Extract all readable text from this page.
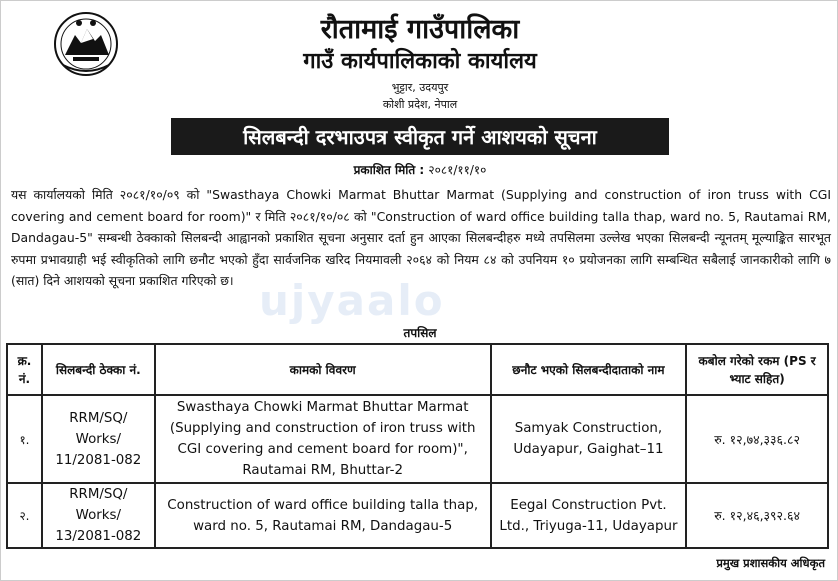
रौतामाई गाउँपालिका
गाउँ कार्यपालिकाको कार्यालय
भुट्टार, उदयपुर
कोशी प्रदेश, नेपाल
सिलबन्दी दरभाउपत्र स्वीकृत गर्ने आशयको सूचना
प्रकाशित मिति : २०८१/११/१०
यस कार्यालयको मिति २०८१/१०/०९ को "Swasthaya Chowki Marmat Bhuttar Marmat (Supplying and construction of iron truss with CGI covering and cement board for room)" र मिति २०८१/१०/०८ को "Construction of ward office building talla thap, ward no. 5, Rautamai RM, Dandagau-5" सम्बन्धी ठेक्काको सिलबन्दी आह्वानको प्रकाशित सूचना अनुसार दर्ता हुन आएका सिलबन्दीहरु मध्ये तपसिलमा उल्लेख भएका सिलबन्दी न्यूनतम् मूल्याङ्कित सारभूत रुपमा प्रभावग्राही भई स्वीकृतिको लागि छनौट भएको हुँदा सार्वजनिक खरिद नियमावली २०६४ को नियम ८४ को उपनियम १० प्रयोजनका लागि सम्बन्धित सबैलाई जानकारीको लागि ७ (सात) दिने आशयको सूचना प्रकाशित गरिएको छ। ujyaalo
तपसिल
क्र. नं.	सिलबन्दी ठेक्का नं.	कामको विवरण	छनौट भएको सिलबन्दीदाताको नाम	कबोल गरेको रकम (PS र भ्याट सहित)
१.	RRM/SQ/ Works/ 11/2081-082	Swasthaya Chowki Marmat Bhuttar Marmat (Supplying and construction of iron truss with CGI covering and cement board for room)", Rautamai RM, Bhuttar-2	Samyak Construction, Udayapur, Gaighat–11	रु. १२,७४,३३६.८२
२.	RRM/SQ/ Works/ 13/2081-082	Construction of ward office building talla thap, ward no. 5, Rautamai RM, Dandagau-5	Eegal Construction Pvt. Ltd., Triyuga-11, Udayapur	रु. १२,४६,३९२.६४
प्रमुख प्रशासकीय अधिकृत
